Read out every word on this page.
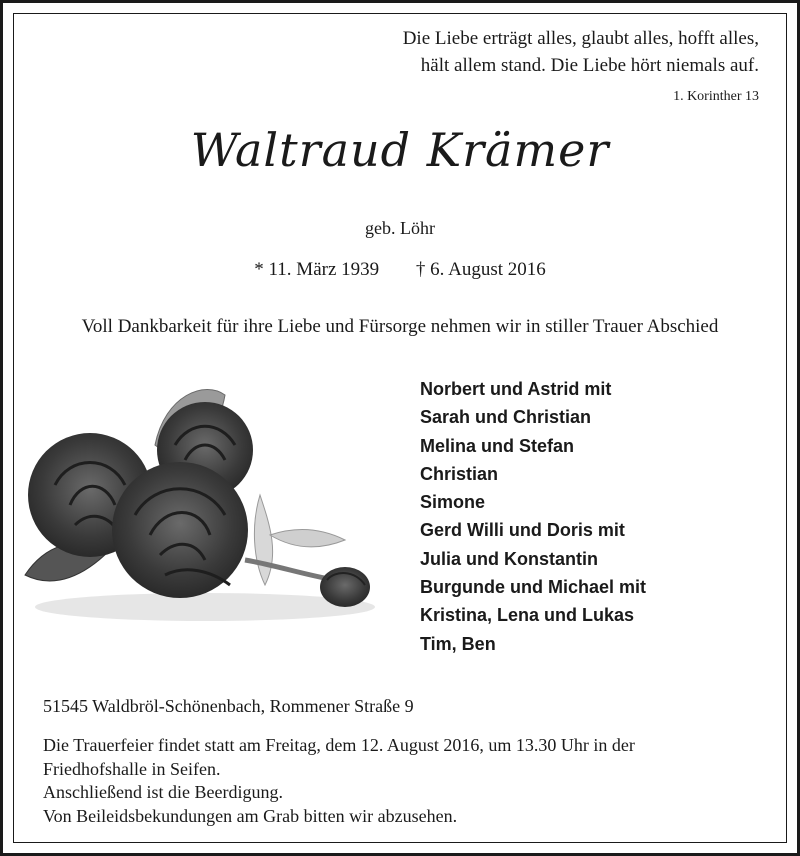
Die Liebe erträgt alles, glaubt alles, hofft alles,
hält allem stand. Die Liebe hört niemals auf.
1. Korinther 13
Waltraud Krämer
geb. Löhr
* 11. März 1939 † 6. August 2016
Voll Dankbarkeit für ihre Liebe und Fürsorge nehmen wir in stiller Trauer Abschied
Norbert und Astrid mit
Sarah und Christian
Melina und Stefan
Christian
Simone
Gerd Willi und Doris mit
Julia und Konstantin
Burgunde und Michael mit
Kristina, Lena und Lukas
Tim, Ben
51545 Waldbröl-Schönenbach, Rommener Straße 9
Die Trauerfeier findet statt am Freitag, dem 12. August 2016, um 13.30 Uhr in der
Friedhofshalle in Seifen.
Anschließend ist die Beerdigung.
Von Beileidsbekundungen am Grab bitten wir abzusehen.
